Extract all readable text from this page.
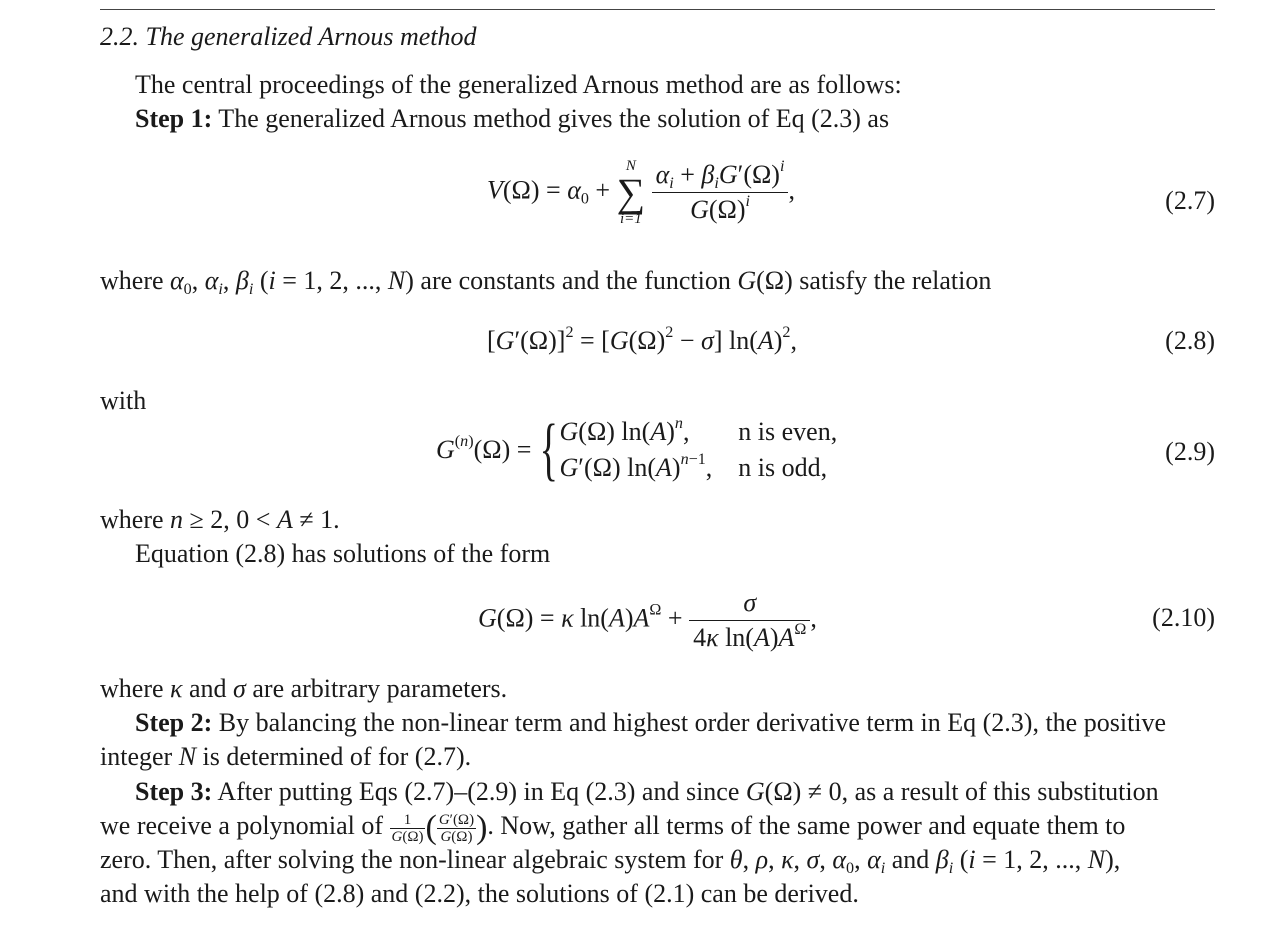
2.2. The generalized Arnous method
The central proceedings of the generalized Arnous method are as follows:
Step 1: The generalized Arnous method gives the solution of Eq (2.3) as
$V(\Omega) = \alpha_0$ +
N
∑
i=1
$\frac{\alpha_i + \beta_iG'(\Omega)^i}{G(\Omega)^i}$ ,	(2.7)
where $\alpha_0$, $\alpha_i$, $\beta_i$ (i = 1, 2, ..., N) are constants and the function G(Ω) satisfy the relation
$[G'(\Omega)]^2 = [G(\Omega)^2 - \sigma]$ $\ln(A)^2$,	(2.8)
with
$G^{(n)}(\Omega)$ = { G(Ω) $\ln(A)^n$,	n is even,
G′(Ω) $\ln(A)^{n-1}$,	n is odd,
(2.9)
where n ≥ 2, 0 < A ≠ 1.
Equation (2.8) has solutions of the form
G(Ω) = κ $\ln(A)A^\Omega + \frac{\sigma}{4\kappa \ln(A)A^\Omega}$ ,	(2.10)
where κ and σ are arbitrary parameters.
Step 2: By balancing the non-linear term and highest order derivative term in Eq (2.3), the positive
integer N is determined of for (2.7).
Step 3: After putting Eqs (2.7)–(2.9) in Eq (2.3) and since G(Ω) ≠ 0, as a result of this substitution
we receive a polynomial of $\frac{1}{G(\Omega)}$ ( $\frac{G'(\Omega)}{G(\Omega)}$ ). Now, gather all terms of the same power and equate them to
zero. Then, after solving the non-linear algebraic system for θ, ρ, κ, σ, $\alpha_0$, $\alpha_i$ and $\beta_i$ (i = 1, 2, ..., N),
and with the help of (2.8) and (2.2), the solutions of (2.1) can be derived.
